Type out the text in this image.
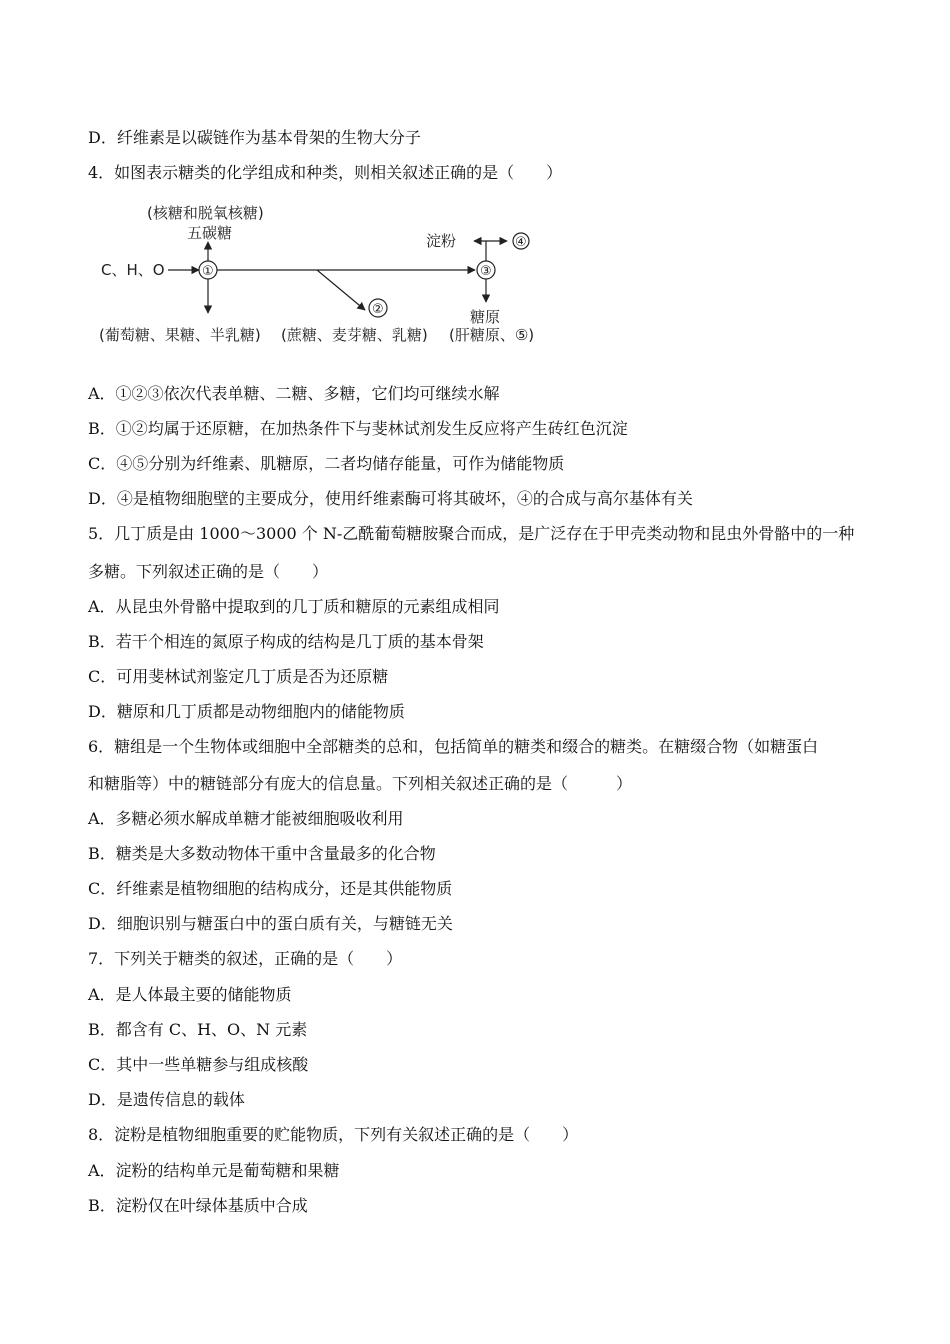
D．纤维素是以碳链作为基本骨架的生物大分子
4．如图表示糖类的化学组成和种类，则相关叙述正确的是（　　）
(核糖和脱氧核糖)
五碳糖
C、H、O	①
②
③
淀粉	④
糖原
(葡萄糖、果糖、半乳糖) (蔗糖、麦芽糖、乳糖) (肝糖原、⑤)
A．①②③依次代表单糖、二糖、多糖，它们均可继续水解
B．①②均属于还原糖，在加热条件下与斐林试剂发生反应将产生砖红色沉淀
C．④⑤分别为纤维素、肌糖原，二者均储存能量，可作为储能物质
D．④是植物细胞壁的主要成分，使用纤维素酶可将其破坏，④的合成与高尔基体有关
5．几丁质是由 1000～3000 个 N-乙酰葡萄糖胺聚合而成，是广泛存在于甲壳类动物和昆虫外骨骼中的一种
多糖。下列叙述正确的是（　　）
A．从昆虫外骨骼中提取到的几丁质和糖原的元素组成相同
B．若干个相连的氮原子构成的结构是几丁质的基本骨架
C．可用斐林试剂鉴定几丁质是否为还原糖
D．糖原和几丁质都是动物细胞内的储能物质
6．糖组是一个生物体或细胞中全部糖类的总和，包括简单的糖类和缀合的糖类。在糖缀合物（如糖蛋白
和糖脂等）中的糖链部分有庞大的信息量。下列相关叙述正确的是（　　　）
A．多糖必须水解成单糖才能被细胞吸收利用
B．糖类是大多数动物体干重中含量最多的化合物
C．纤维素是植物细胞的结构成分，还是其供能物质
D．细胞识别与糖蛋白中的蛋白质有关，与糖链无关
7．下列关于糖类的叙述，正确的是（　　）
A．是人体最主要的储能物质
B．都含有 C、H、O、N 元素
C．其中一些单糖参与组成核酸
D．是遗传信息的载体
8．淀粉是植物细胞重要的贮能物质，下列有关叙述正确的是（　　）
A．淀粉的结构单元是葡萄糖和果糖
B．淀粉仅在叶绿体基质中合成
